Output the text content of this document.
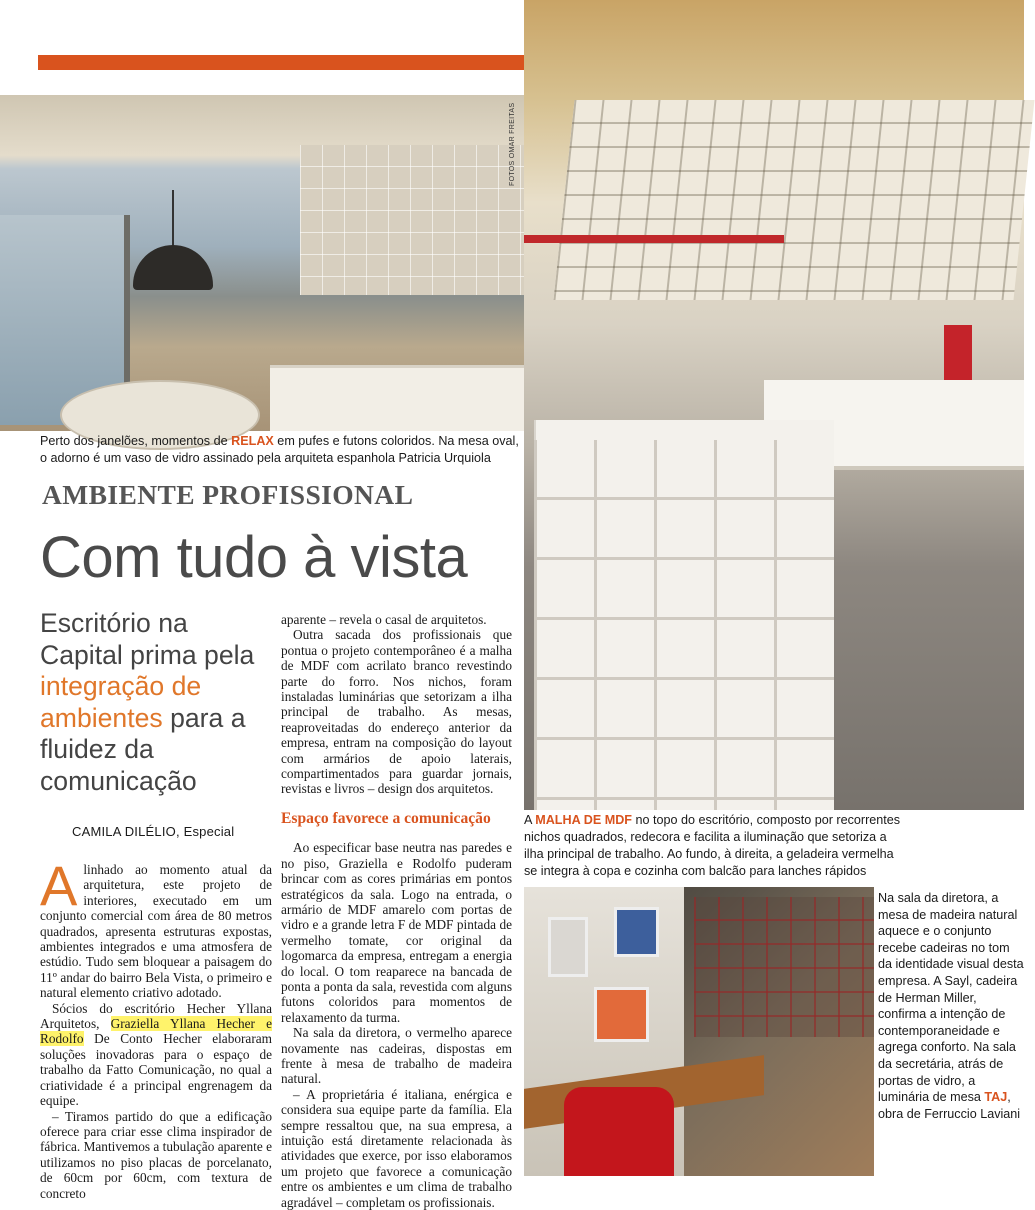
FOTOS OMAR FREITAS
Perto dos janelões, momentos de RELAX em pufes e futons coloridos. Na mesa oval, o adorno é um vaso de vidro assinado pela arquiteta espanhola Patricia Urquiola
AMBIENTE PROFISSIONAL
Com tudo à vista
Escritório na Capital prima pela integração de ambientes para a fluidez da comunicação
CAMILA DILÉLIO, Especial

Alinhado ao momento atual da arquitetura, este projeto de interiores, executado em um conjunto comercial com área de 80 metros quadrados, apresenta estruturas expostas, ambientes integrados e uma atmosfera de estúdio. Tudo sem bloquear a paisagem do 11º andar do bairro Bela Vista, o primeiro e natural elemento criativo adotado.

Sócios do escritório Hecher Yllana Arquitetos, Graziella Yllana Hecher e Rodolfo De Conto Hecher elaboraram soluções inovadoras para o espaço de trabalho da Fatto Comunicação, no qual a criatividade é a principal engrenagem da equipe.

– Tiramos partido do que a edificação oferece para criar esse clima inspirador de fábrica. Mantivemos a tubulação aparente e utilizamos no piso placas de porcelanato, de 60cm por 60cm, com textura de concreto

aparente – revela o casal de arquitetos.

Outra sacada dos profissionais que pontua o projeto contemporâneo é a malha de MDF com acrilato branco revestindo parte do forro. Nos nichos, foram instaladas luminárias que setorizam a ilha principal de trabalho. As mesas, reaproveitadas do endereço anterior da empresa, entram na composição do layout com armários de apoio laterais, compartimentados para guardar jornais, revistas e livros – design dos arquitetos.

Espaço favorece a comunicação

Ao especificar base neutra nas paredes e no piso, Graziella e Rodolfo puderam brincar com as cores primárias em pontos estratégicos da sala. Logo na entrada, o armário de MDF amarelo com portas de vidro e a grande letra F de MDF pintada de vermelho tomate, cor original da logomarca da empresa, entregam a energia do local. O tom reaparece na bancada de ponta a ponta da sala, revestida com alguns futons coloridos para momentos de relaxamento da turma.

Na sala da diretora, o vermelho aparece novamente nas cadeiras, dispostas em frente à mesa de trabalho de madeira natural.

– A proprietária é italiana, enérgica e considera sua equipe parte da família. Ela sempre ressaltou que, na sua empresa, a intuição está diretamente relacionada às atividades que exerce, por isso elaboramos um projeto que favorece a comunicação entre os ambientes e um clima de trabalho agradável – completam os profissionais.

A MALHA DE MDF no topo do escritório, composto por recorrentes nichos quadrados, redecora e facilita a iluminação que setoriza a ilha principal de trabalho. Ao fundo, à direita, a geladeira vermelha se integra à copa e cozinha com balcão para lanches rápidos
Na sala da diretora, a mesa de madeira natural aquece e o conjunto recebe cadeiras no tom da identidade visual desta empresa. A Sayl, cadeira de Herman Miller, confirma a intenção de contemporaneidade e agrega conforto. Na sala da secretária, atrás de portas de vidro, a luminária de mesa TAJ, obra de Ferruccio Laviani
